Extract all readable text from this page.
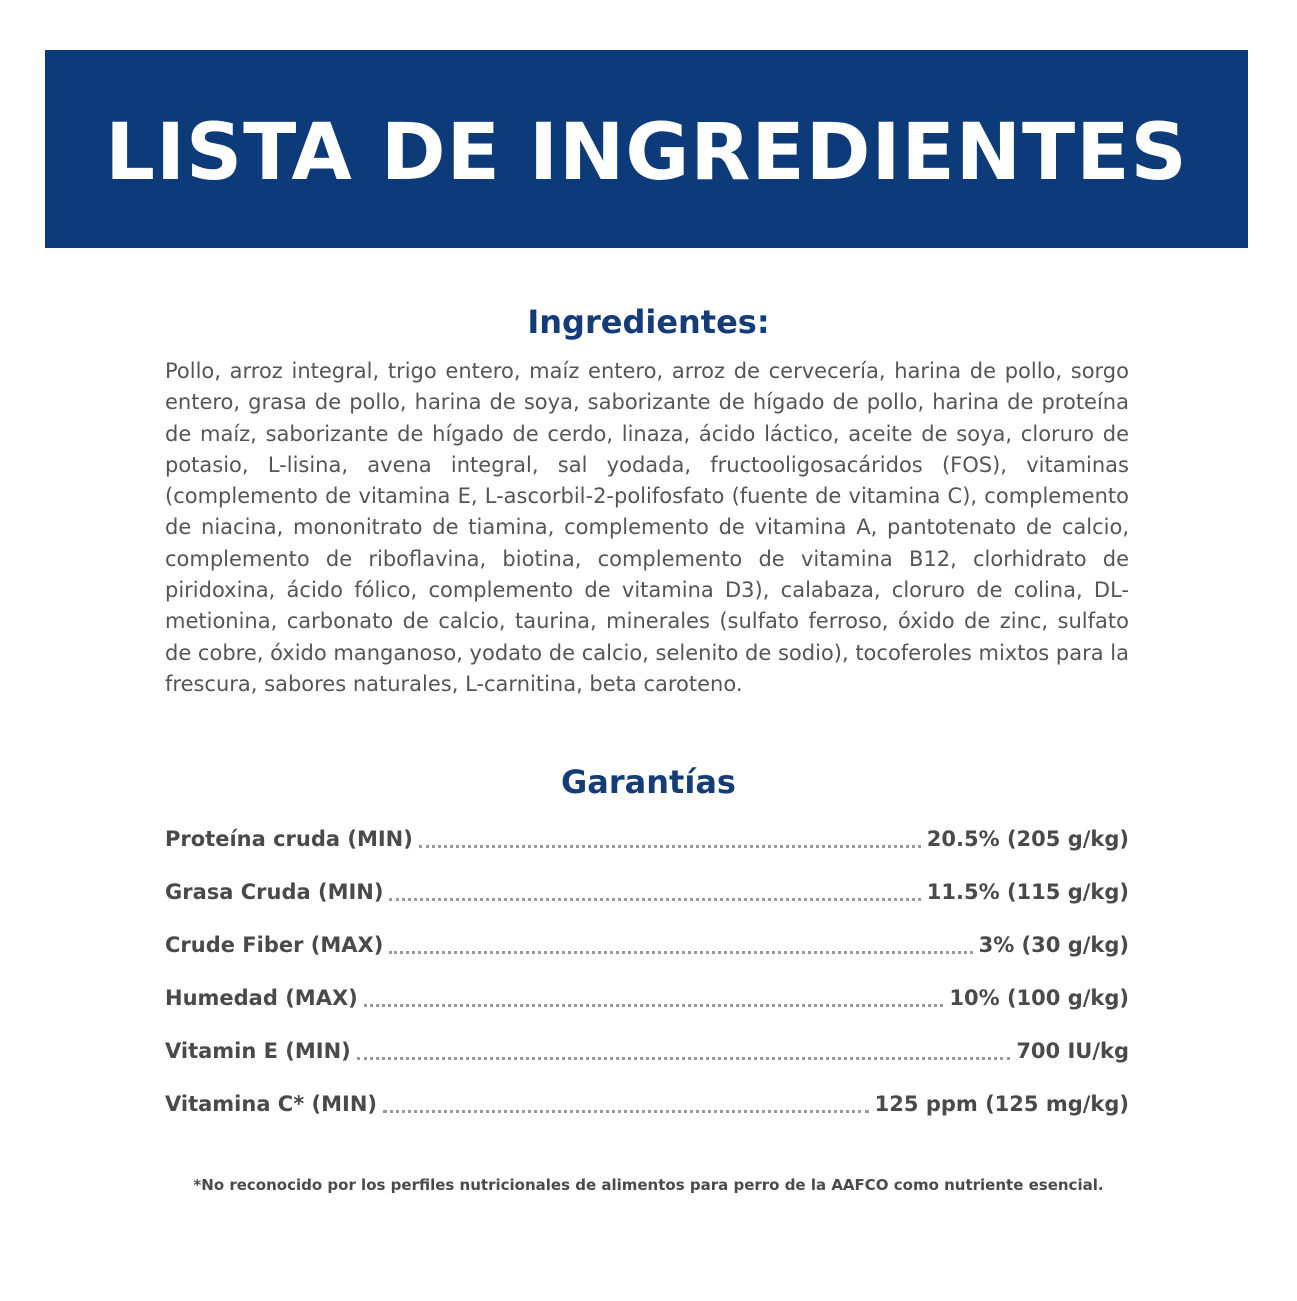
LISTA DE INGREDIENTES
Ingredientes:

Pollo, arroz integral, trigo entero, maíz entero, arroz de cervecería, harina de pollo, sorgo entero, grasa de pollo, harina de soya, saborizante de hígado de pollo, harina de proteína de maíz, saborizante de hígado de cerdo, linaza, ácido láctico, aceite de soya, cloruro de potasio, L-lisina, avena integral, sal yodada, fructooligosacáridos (FOS), vitaminas (complemento de vitamina E, L-ascorbil-2-polifosfato (fuente de vitamina C), complemento de niacina, mononitrato de tiamina, complemento de vitamina A, pantotenato de calcio, complemento de riboflavina, biotina, complemento de vitamina B12, clorhidrato de piridoxina, ácido fólico, complemento de vitamina D3), calabaza, cloruro de colina, DL-metionina, carbonato de calcio, taurina, minerales (sulfato ferroso, óxido de zinc, sulfato de cobre, óxido manganoso, yodato de calcio, selenito de sodio), tocoferoles mixtos para la frescura, sabores naturales, L-carnitina, beta caroteno.

Garantías
Proteína cruda (MIN)	20.5% (205 g/kg)
Grasa Cruda (MIN)	11.5% (115 g/kg)
Crude Fiber (MAX)	3% (30 g/kg)
Humedad (MAX)	10% (100 g/kg)
Vitamin E (MIN)	700 IU/kg
Vitamina C* (MIN)	125 ppm (125 mg/kg)

*No reconocido por los perfiles nutricionales de alimentos para perro de la AAFCO como nutriente esencial.
